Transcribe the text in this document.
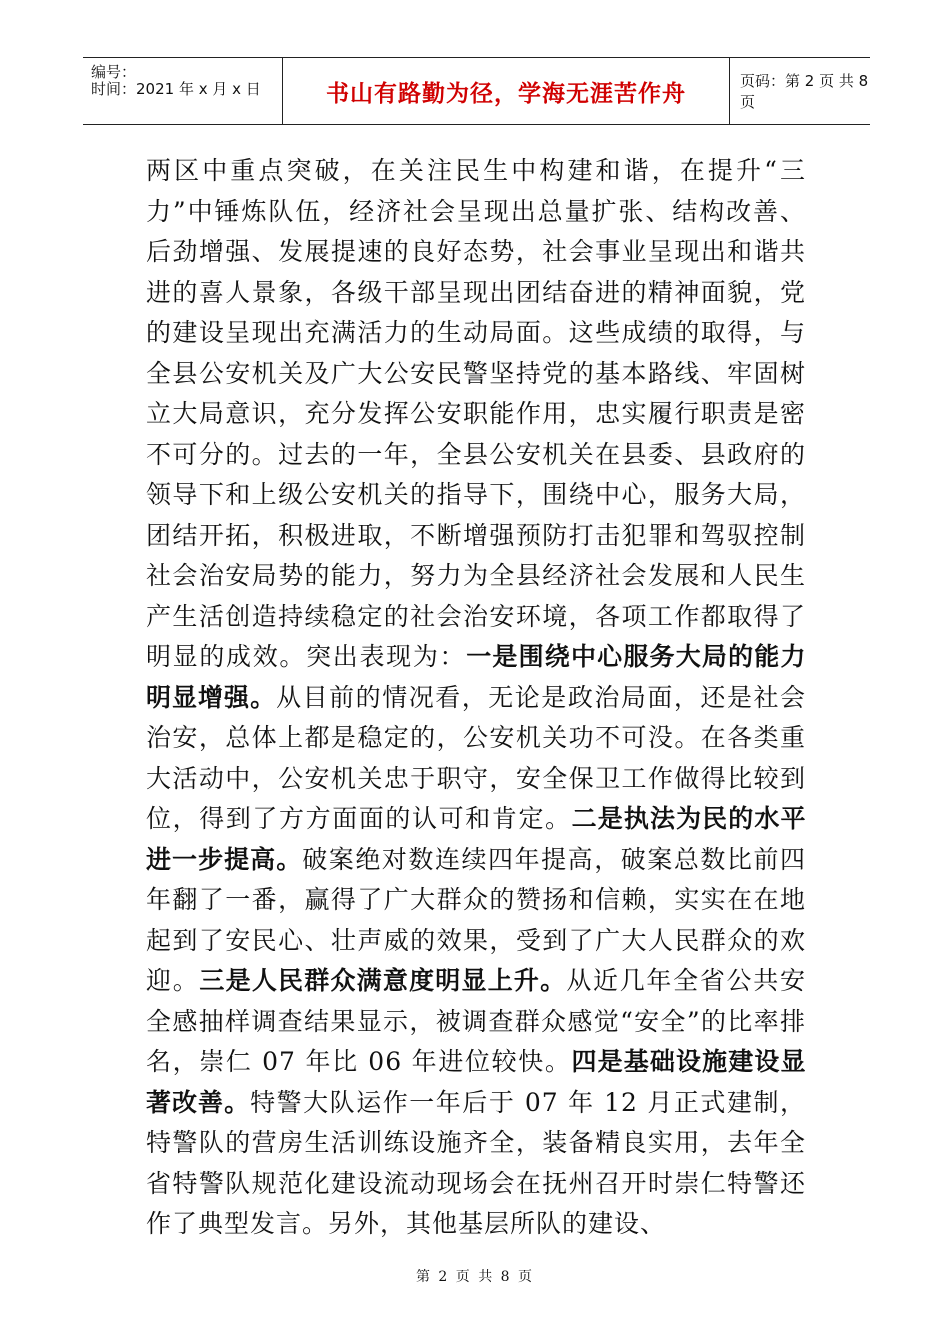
编号：
时间：2021 年 x 月 x 日	书山有路勤为径，学海无涯苦作舟	页码：第 2 页 共 8 页

两区中重点突破，在关注民生中构建和谐，在提升“三力”中锤炼队伍，经济社会呈现出总量扩张、结构改善、后劲增强、发展提速的良好态势，社会事业呈现出和谐共进的喜人景象，各级干部呈现出团结奋进的精神面貌，党的建设呈现出充满活力的生动局面。这些成绩的取得，与全县公安机关及广大公安民警坚持党的基本路线、牢固树立大局意识，充分发挥公安职能作用，忠实履行职责是密不可分的。过去的一年，全县公安机关在县委、县政府的领导下和上级公安机关的指导下，围绕中心，服务大局，团结开拓，积极进取，不断增强预防打击犯罪和驾驭控制社会治安局势的能力，努力为全县经济社会发展和人民生产生活创造持续稳定的社会治安环境，各项工作都取得了明显的成效。突出表现为：一是围绕中心服务大局的能力明显增强。从目前的情况看，无论是政治局面，还是社会治安，总体上都是稳定的，公安机关功不可没。在各类重大活动中，公安机关忠于职守，安全保卫工作做得比较到位，得到了方方面面的认可和肯定。二是执法为民的水平进一步提高。破案绝对数连续四年提高，破案总数比前四年翻了一番，赢得了广大群众的赞扬和信赖，实实在在地起到了安民心、壮声威的效果，受到了广大人民群众的欢迎。三是人民群众满意度明显上升。从近几年全省公共安全感抽样调查结果显示，被调查群众感觉“安全”的比率排名，崇仁 07 年比 06 年进位较快。四是基础设施建设显著改善。特警大队运作一年后于 07 年 12 月正式建制，特警队的营房生活训练设施齐全，装备精良实用，去年全省特警队规范化建设流动现场会在抚州召开时崇仁特警还作了典型发言。另外，其他基层所队的建设、

第 2 页 共 8 页
